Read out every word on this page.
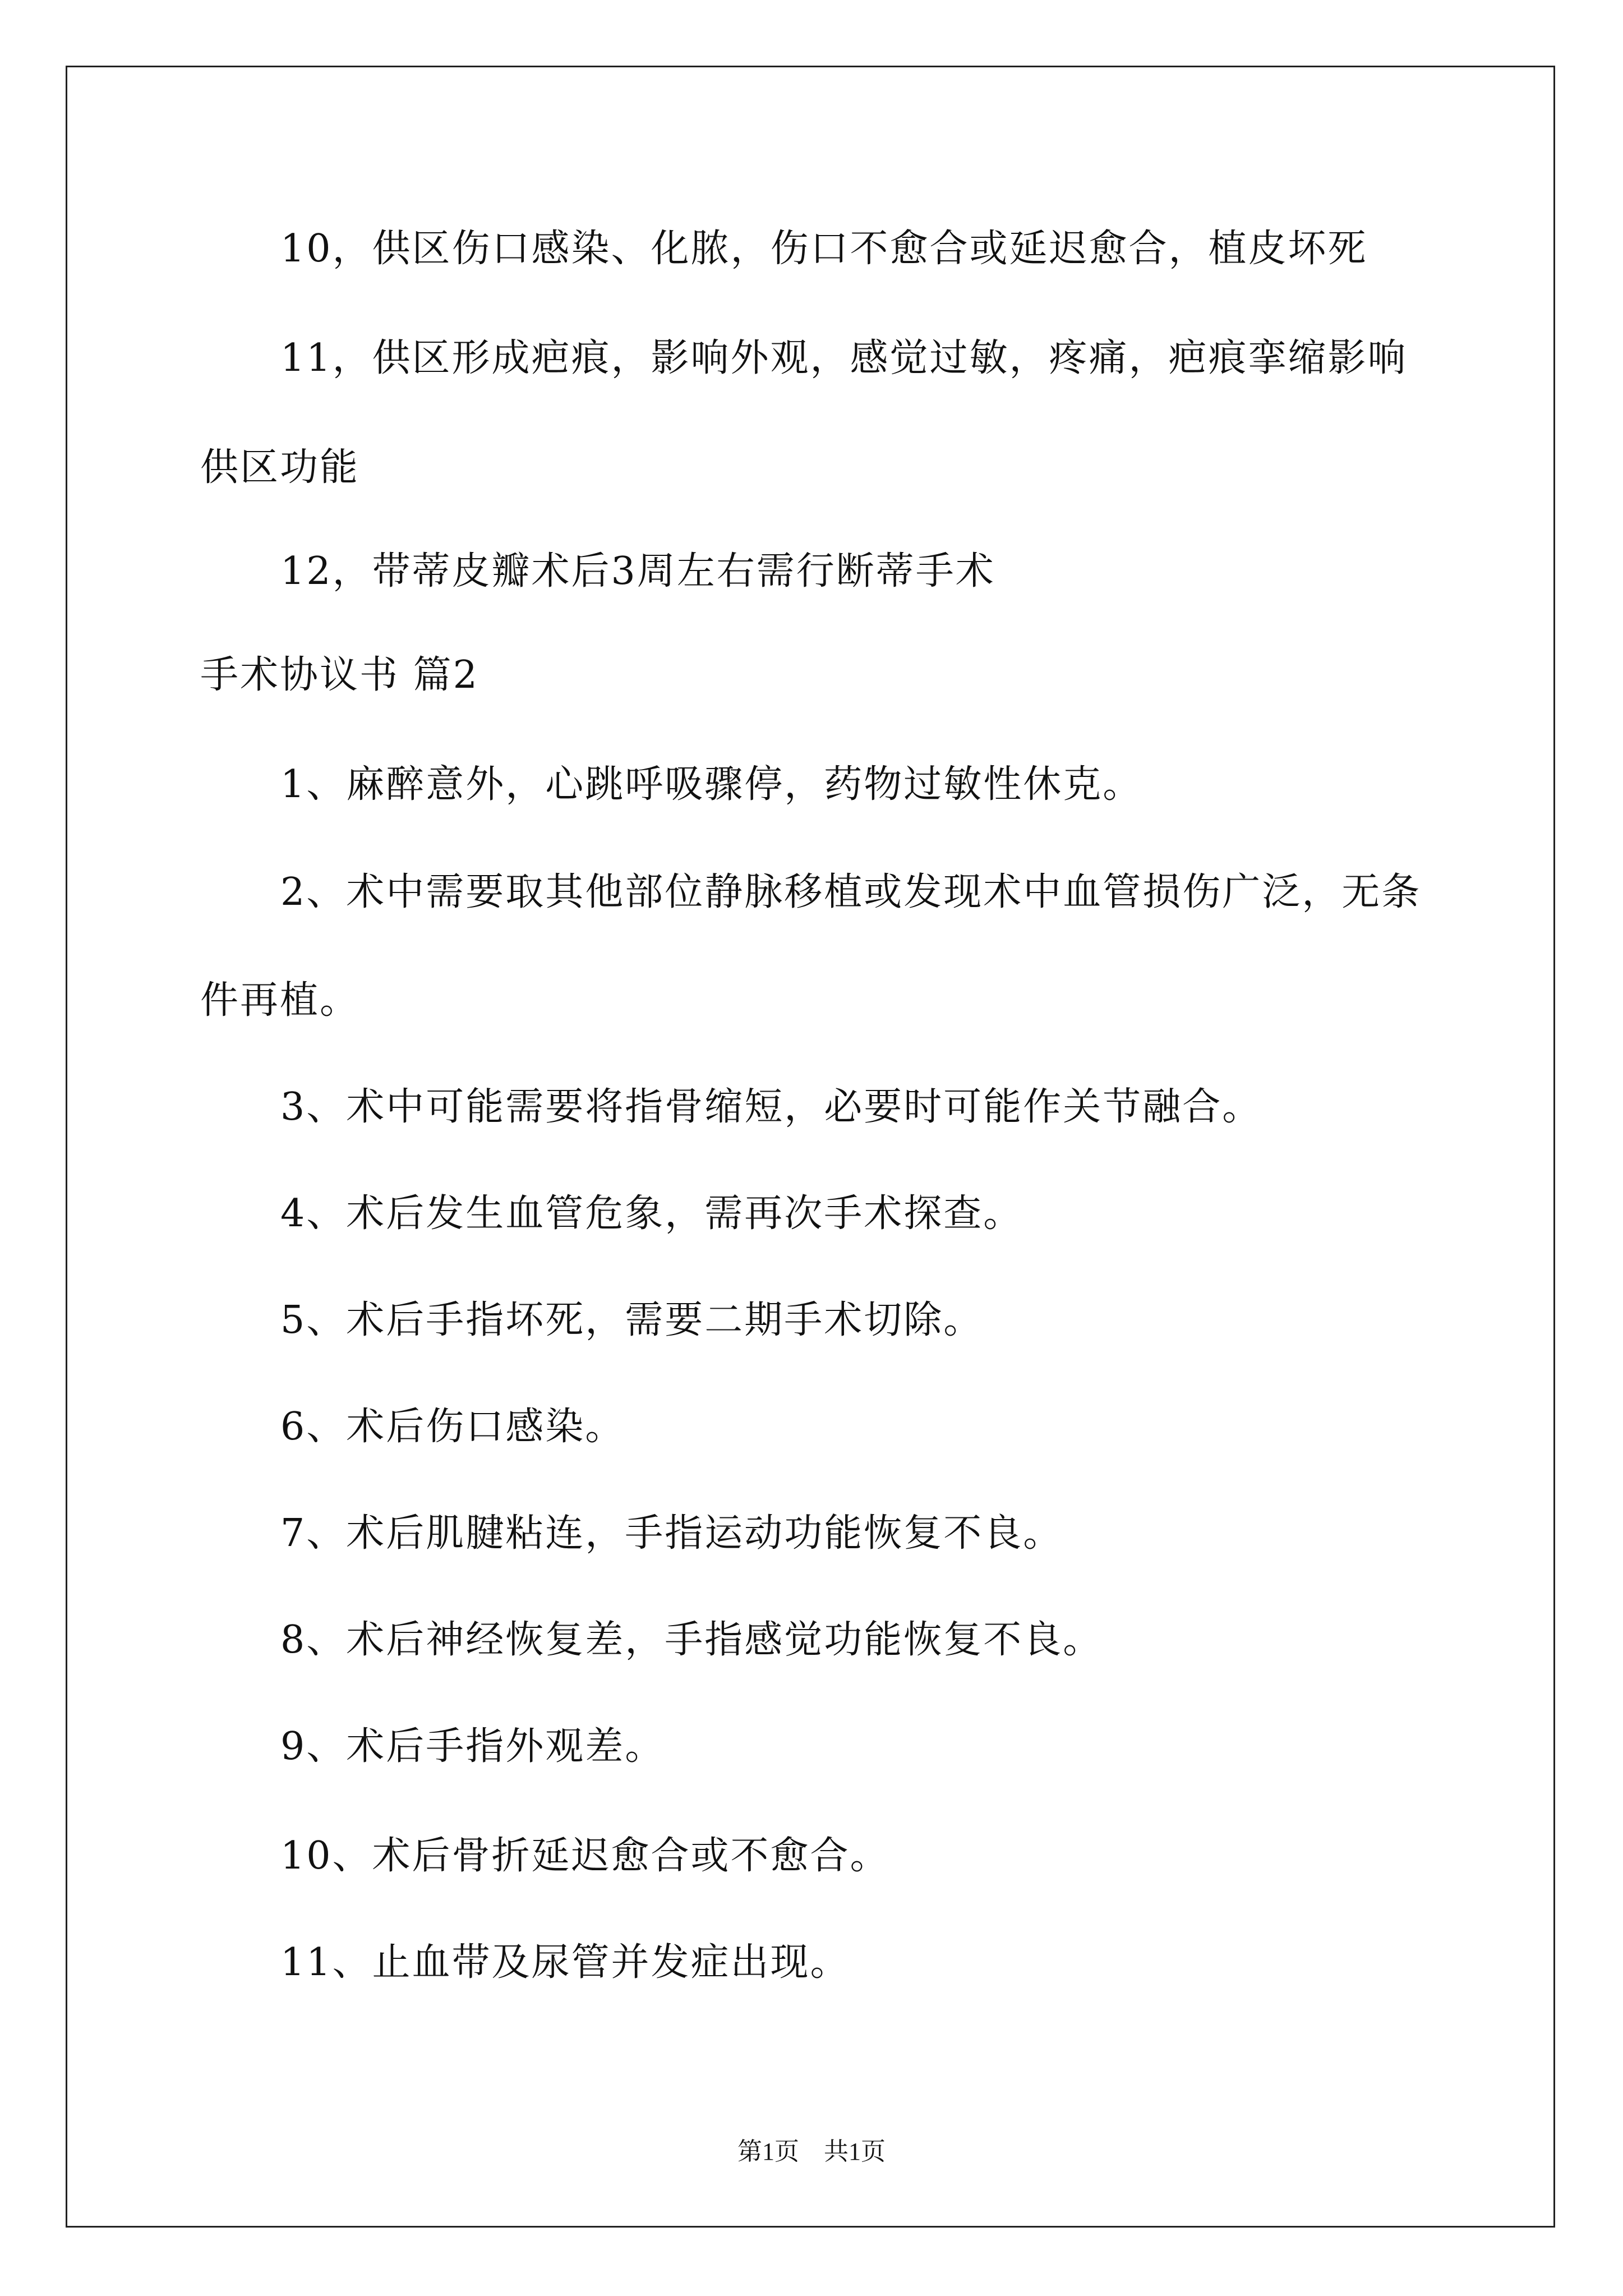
10，供区伤口感染、化脓，伤口不愈合或延迟愈合，植皮坏死
11，供区形成疤痕，影响外观，感觉过敏，疼痛，疤痕挛缩影响
供区功能
12，带蒂皮瓣术后3周左右需行断蒂手术
手术协议书 篇2
1、麻醉意外，心跳呼吸骤停，药物过敏性休克。
2、术中需要取其他部位静脉移植或发现术中血管损伤广泛，无条
件再植。
3、术中可能需要将指骨缩短，必要时可能作关节融合。
4、术后发生血管危象，需再次手术探查。
5、术后手指坏死，需要二期手术切除。
6、术后伤口感染。
7、术后肌腱粘连，手指运动功能恢复不良。
8、术后神经恢复差，手指感觉功能恢复不良。
9、术后手指外观差。
10、术后骨折延迟愈合或不愈合。
11、止血带及尿管并发症出现。
第1页　共1页
